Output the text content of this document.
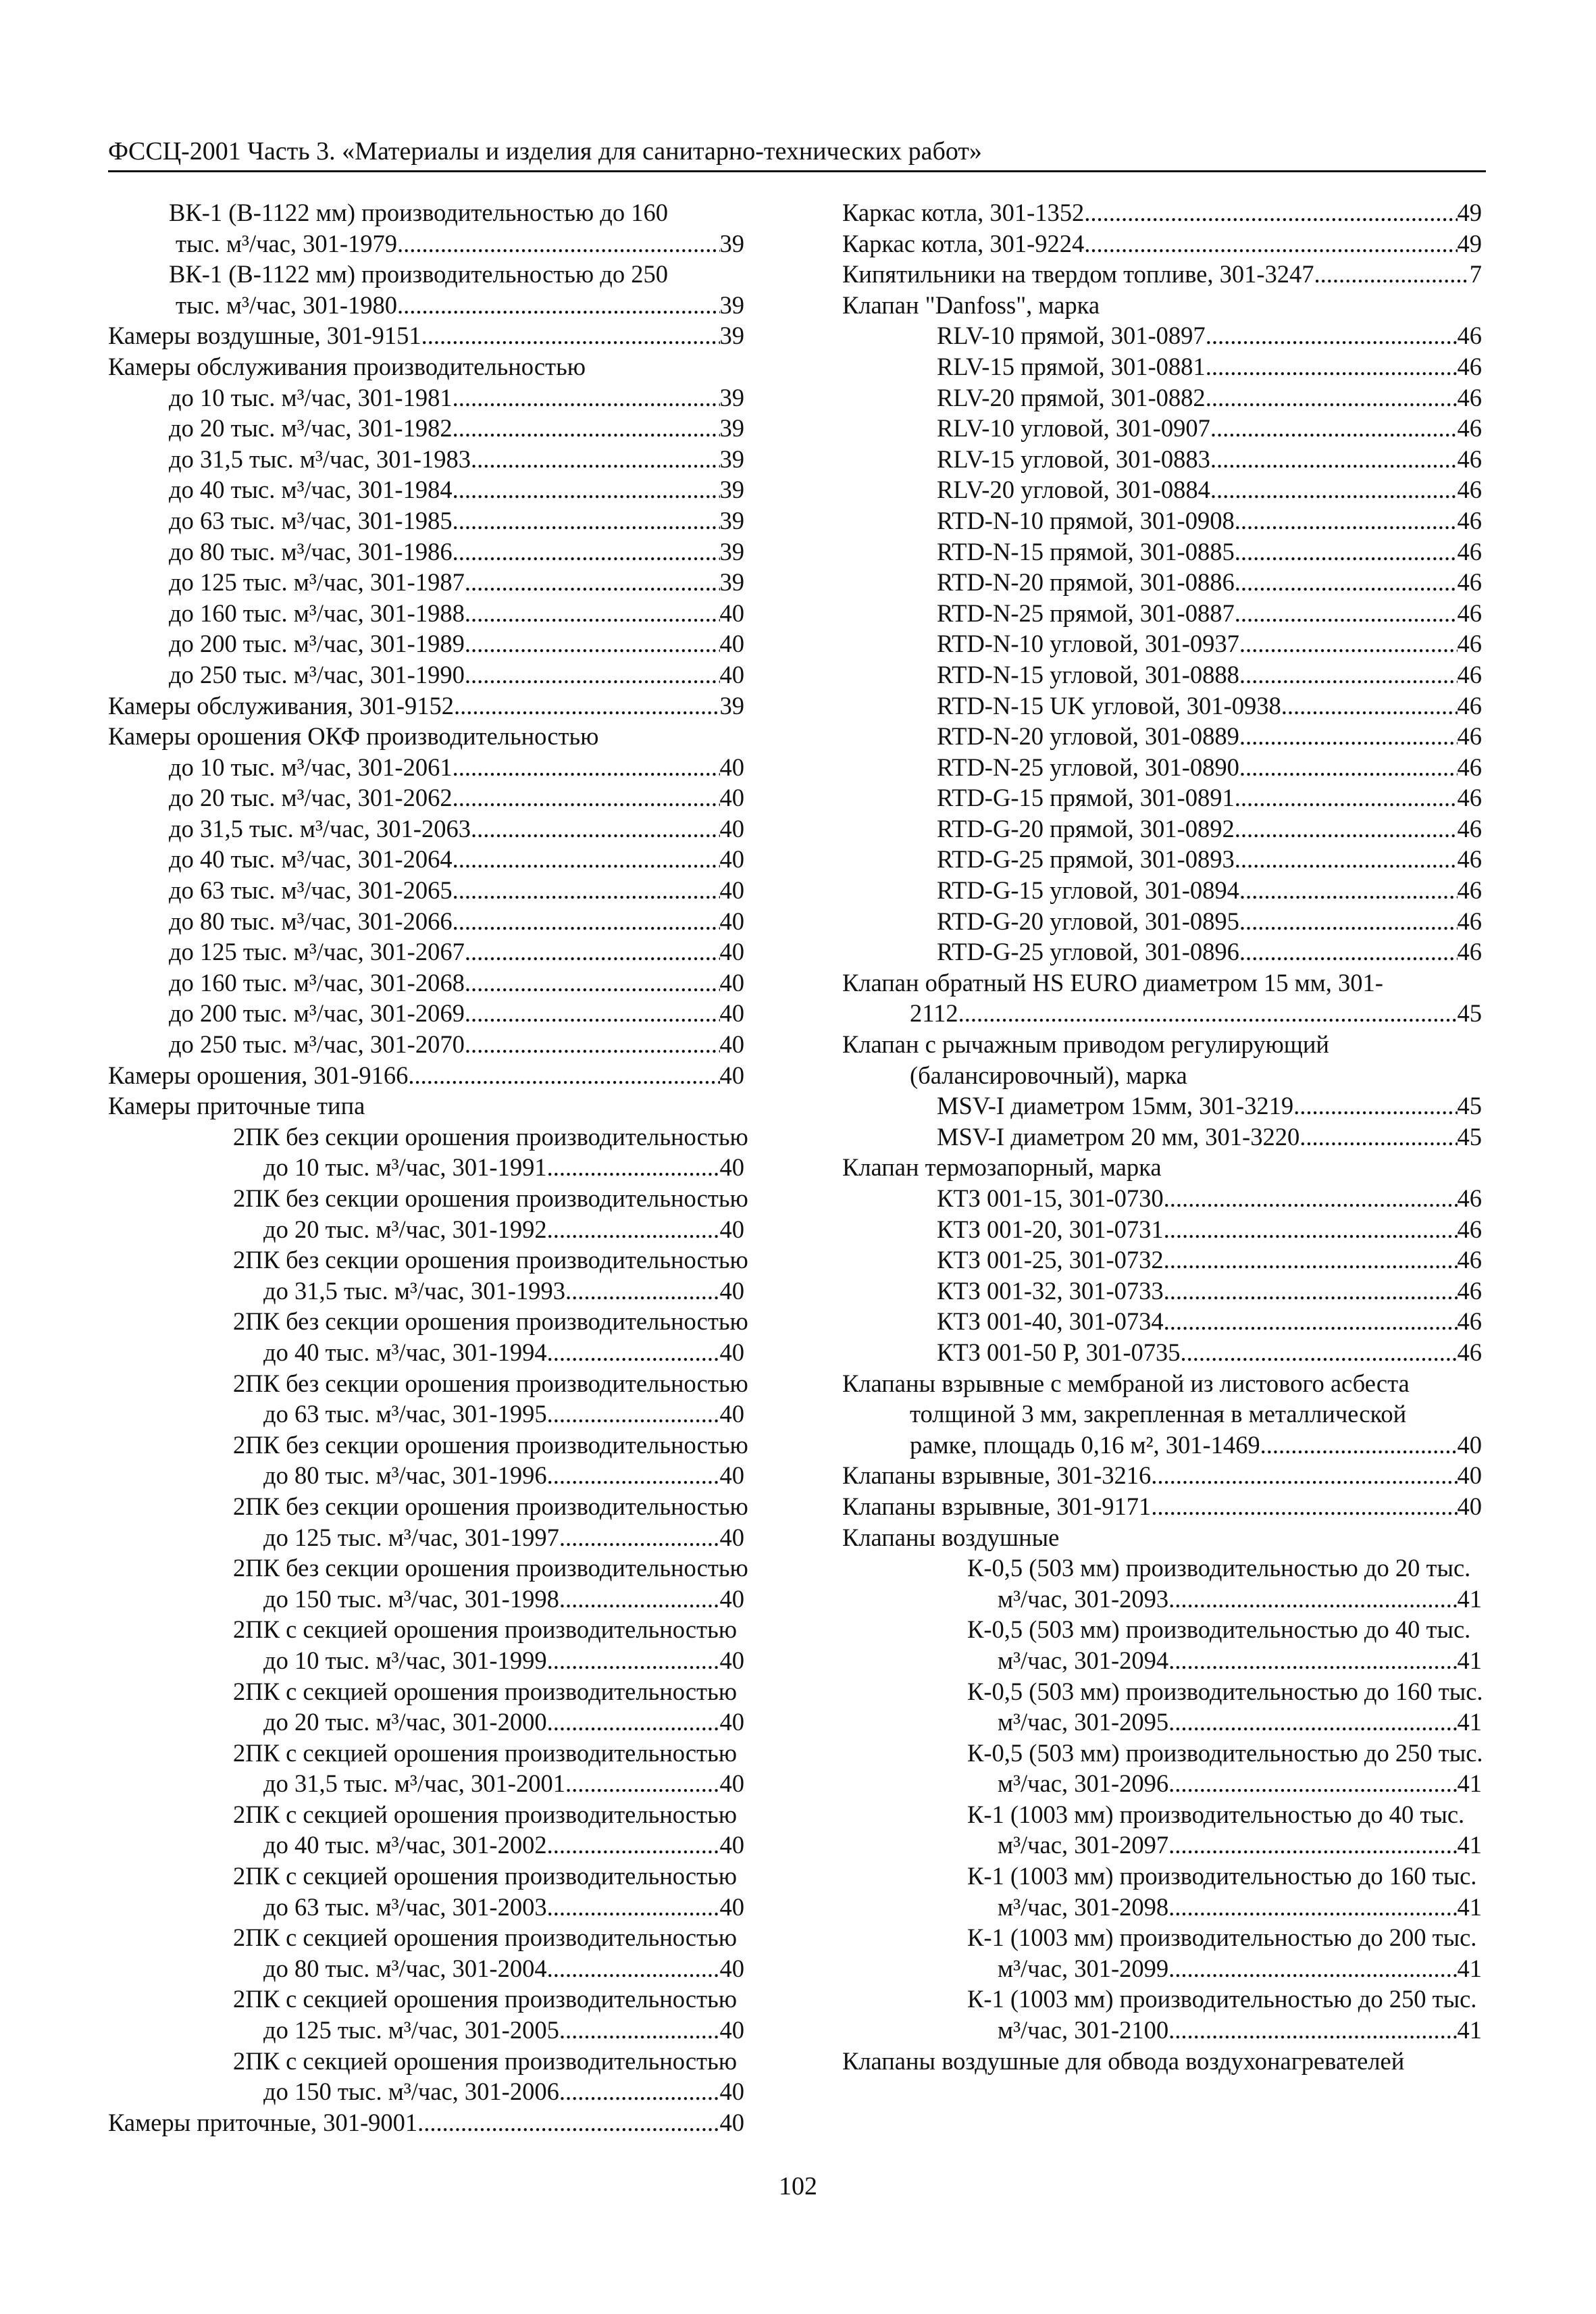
ФССЦ-2001 Часть 3. «Материалы и изделия для санитарно-технических работ»
ВК-1 (В-1122 мм) производительностью до 160
тыс. м³/час, 301-1979 .....	39
ВК-1 (В-1122 мм) производительностью до 250
тыс. м³/час, 301-1980 .....	39
Камеры воздушные, 301-9151 .....	39
Камеры обслуживания производительностью
до 10 тыс. м³/час, 301-1981 .....	39
до 20 тыс. м³/час, 301-1982 .....	39
до 31,5 тыс. м³/час, 301-1983 .....	39
до 40 тыс. м³/час, 301-1984 .....	39
до 63 тыс. м³/час, 301-1985 .....	39
до 80 тыс. м³/час, 301-1986 .....	39
до 125 тыс. м³/час, 301-1987 .....	39
до 160 тыс. м³/час, 301-1988 .....	40
до 200 тыс. м³/час, 301-1989 .....	40
до 250 тыс. м³/час, 301-1990 .....	40
Камеры обслуживания, 301-9152 .....	39
Камеры орошения ОКФ производительностью
до 10 тыс. м³/час, 301-2061 .....	40
до 20 тыс. м³/час, 301-2062 .....	40
до 31,5 тыс. м³/час, 301-2063 .....	40
до 40 тыс. м³/час, 301-2064 .....	40
до 63 тыс. м³/час, 301-2065 .....	40
до 80 тыс. м³/час, 301-2066 .....	40
до 125 тыс. м³/час, 301-2067 .....	40
до 160 тыс. м³/час, 301-2068 .....	40
до 200 тыс. м³/час, 301-2069 .....	40
до 250 тыс. м³/час, 301-2070 .....	40
Камеры орошения, 301-9166 .....	40
Камеры приточные типа
2ПК без секции орошения производительностью
до 10 тыс. м³/час, 301-1991 .....	40
2ПК без секции орошения производительностью
до 20 тыс. м³/час, 301-1992 .....	40
2ПК без секции орошения производительностью
до 31,5 тыс. м³/час, 301-1993 .....	40
2ПК без секции орошения производительностью
до 40 тыс. м³/час, 301-1994 .....	40
2ПК без секции орошения производительностью
до 63 тыс. м³/час, 301-1995 .....	40
2ПК без секции орошения производительностью
до 80 тыс. м³/час, 301-1996 .....	40
2ПК без секции орошения производительностью
до 125 тыс. м³/час, 301-1997 .....	40
2ПК без секции орошения производительностью
до 150 тыс. м³/час, 301-1998 .....	40
2ПК с секцией орошения производительностью
до 10 тыс. м³/час, 301-1999 .....	40
2ПК с секцией орошения производительностью
до 20 тыс. м³/час, 301-2000 .....	40
2ПК с секцией орошения производительностью
до 31,5 тыс. м³/час, 301-2001 .....	40
2ПК с секцией орошения производительностью
до 40 тыс. м³/час, 301-2002 .....	40
2ПК с секцией орошения производительностью
до 63 тыс. м³/час, 301-2003 .....	40
2ПК с секцией орошения производительностью
до 80 тыс. м³/час, 301-2004 .....	40
2ПК с секцией орошения производительностью
до 125 тыс. м³/час, 301-2005 .....	40
2ПК с секцией орошения производительностью
до 150 тыс. м³/час, 301-2006 .....	40
Камеры приточные, 301-9001 .....	40
Каркас котла, 301-1352 .....	49
Каркас котла, 301-9224 .....	49
Кипятильники на твердом топливе, 301-3247 .....	7
Клапан "Danfoss", марка
RLV-10 прямой, 301-0897 .....	46
RLV-15 прямой, 301-0881 .....	46
RLV-20 прямой, 301-0882 .....	46
RLV-10 угловой, 301-0907 .....	46
RLV-15 угловой, 301-0883 .....	46
RLV-20 угловой, 301-0884 .....	46
RTD-N-10 прямой, 301-0908 .....	46
RTD-N-15 прямой, 301-0885 .....	46
RTD-N-20 прямой, 301-0886 .....	46
RTD-N-25 прямой, 301-0887 .....	46
RTD-N-10 угловой, 301-0937 .....	46
RTD-N-15 угловой, 301-0888 .....	46
RTD-N-15 UK угловой, 301-0938 .....	46
RTD-N-20 угловой, 301-0889 .....	46
RTD-N-25 угловой, 301-0890 .....	46
RTD-G-15 прямой, 301-0891 .....	46
RTD-G-20 прямой, 301-0892 .....	46
RTD-G-25 прямой, 301-0893 .....	46
RTD-G-15 угловой, 301-0894 .....	46
RTD-G-20 угловой, 301-0895 .....	46
RTD-G-25 угловой, 301-0896 .....	46
Клапан обратный HS EURO диаметром 15 мм, 301-
2112 .....	45
Клапан с рычажным приводом регулирующий
(балансировочный), марка
MSV-I диаметром 15мм, 301-3219 .....	45
MSV-I диаметром 20 мм, 301-3220 .....	45
Клапан термозапорный, марка
КТЗ 001-15, 301-0730 .....	46
КТЗ 001-20, 301-0731 .....	46
КТЗ 001-25, 301-0732 .....	46
КТЗ 001-32, 301-0733 .....	46
КТЗ 001-40, 301-0734 .....	46
КТЗ 001-50 Р, 301-0735 .....	46
Клапаны взрывные с мембраной из листового асбеста
толщиной 3 мм, закрепленная в металлической
рамке, площадь 0,16 м², 301-1469 .....	40
Клапаны взрывные, 301-3216 .....	40
Клапаны взрывные, 301-9171 .....	40
Клапаны воздушные
К-0,5 (503 мм) производительностью до 20 тыс.
м³/час, 301-2093 .....	41
К-0,5 (503 мм) производительностью до 40 тыс.
м³/час, 301-2094 .....	41
К-0,5 (503 мм) производительностью до 160 тыс.
м³/час, 301-2095 .....	41
К-0,5 (503 мм) производительностью до 250 тыс.
м³/час, 301-2096 .....	41
К-1 (1003 мм) производительностью до 40 тыс.
м³/час, 301-2097 .....	41
К-1 (1003 мм) производительностью до 160 тыс.
м³/час, 301-2098 .....	41
К-1 (1003 мм) производительностью до 200 тыс.
м³/час, 301-2099 .....	41
К-1 (1003 мм) производительностью до 250 тыс.
м³/час, 301-2100 .....	41
Клапаны воздушные для обвода воздухонагревателей
102
